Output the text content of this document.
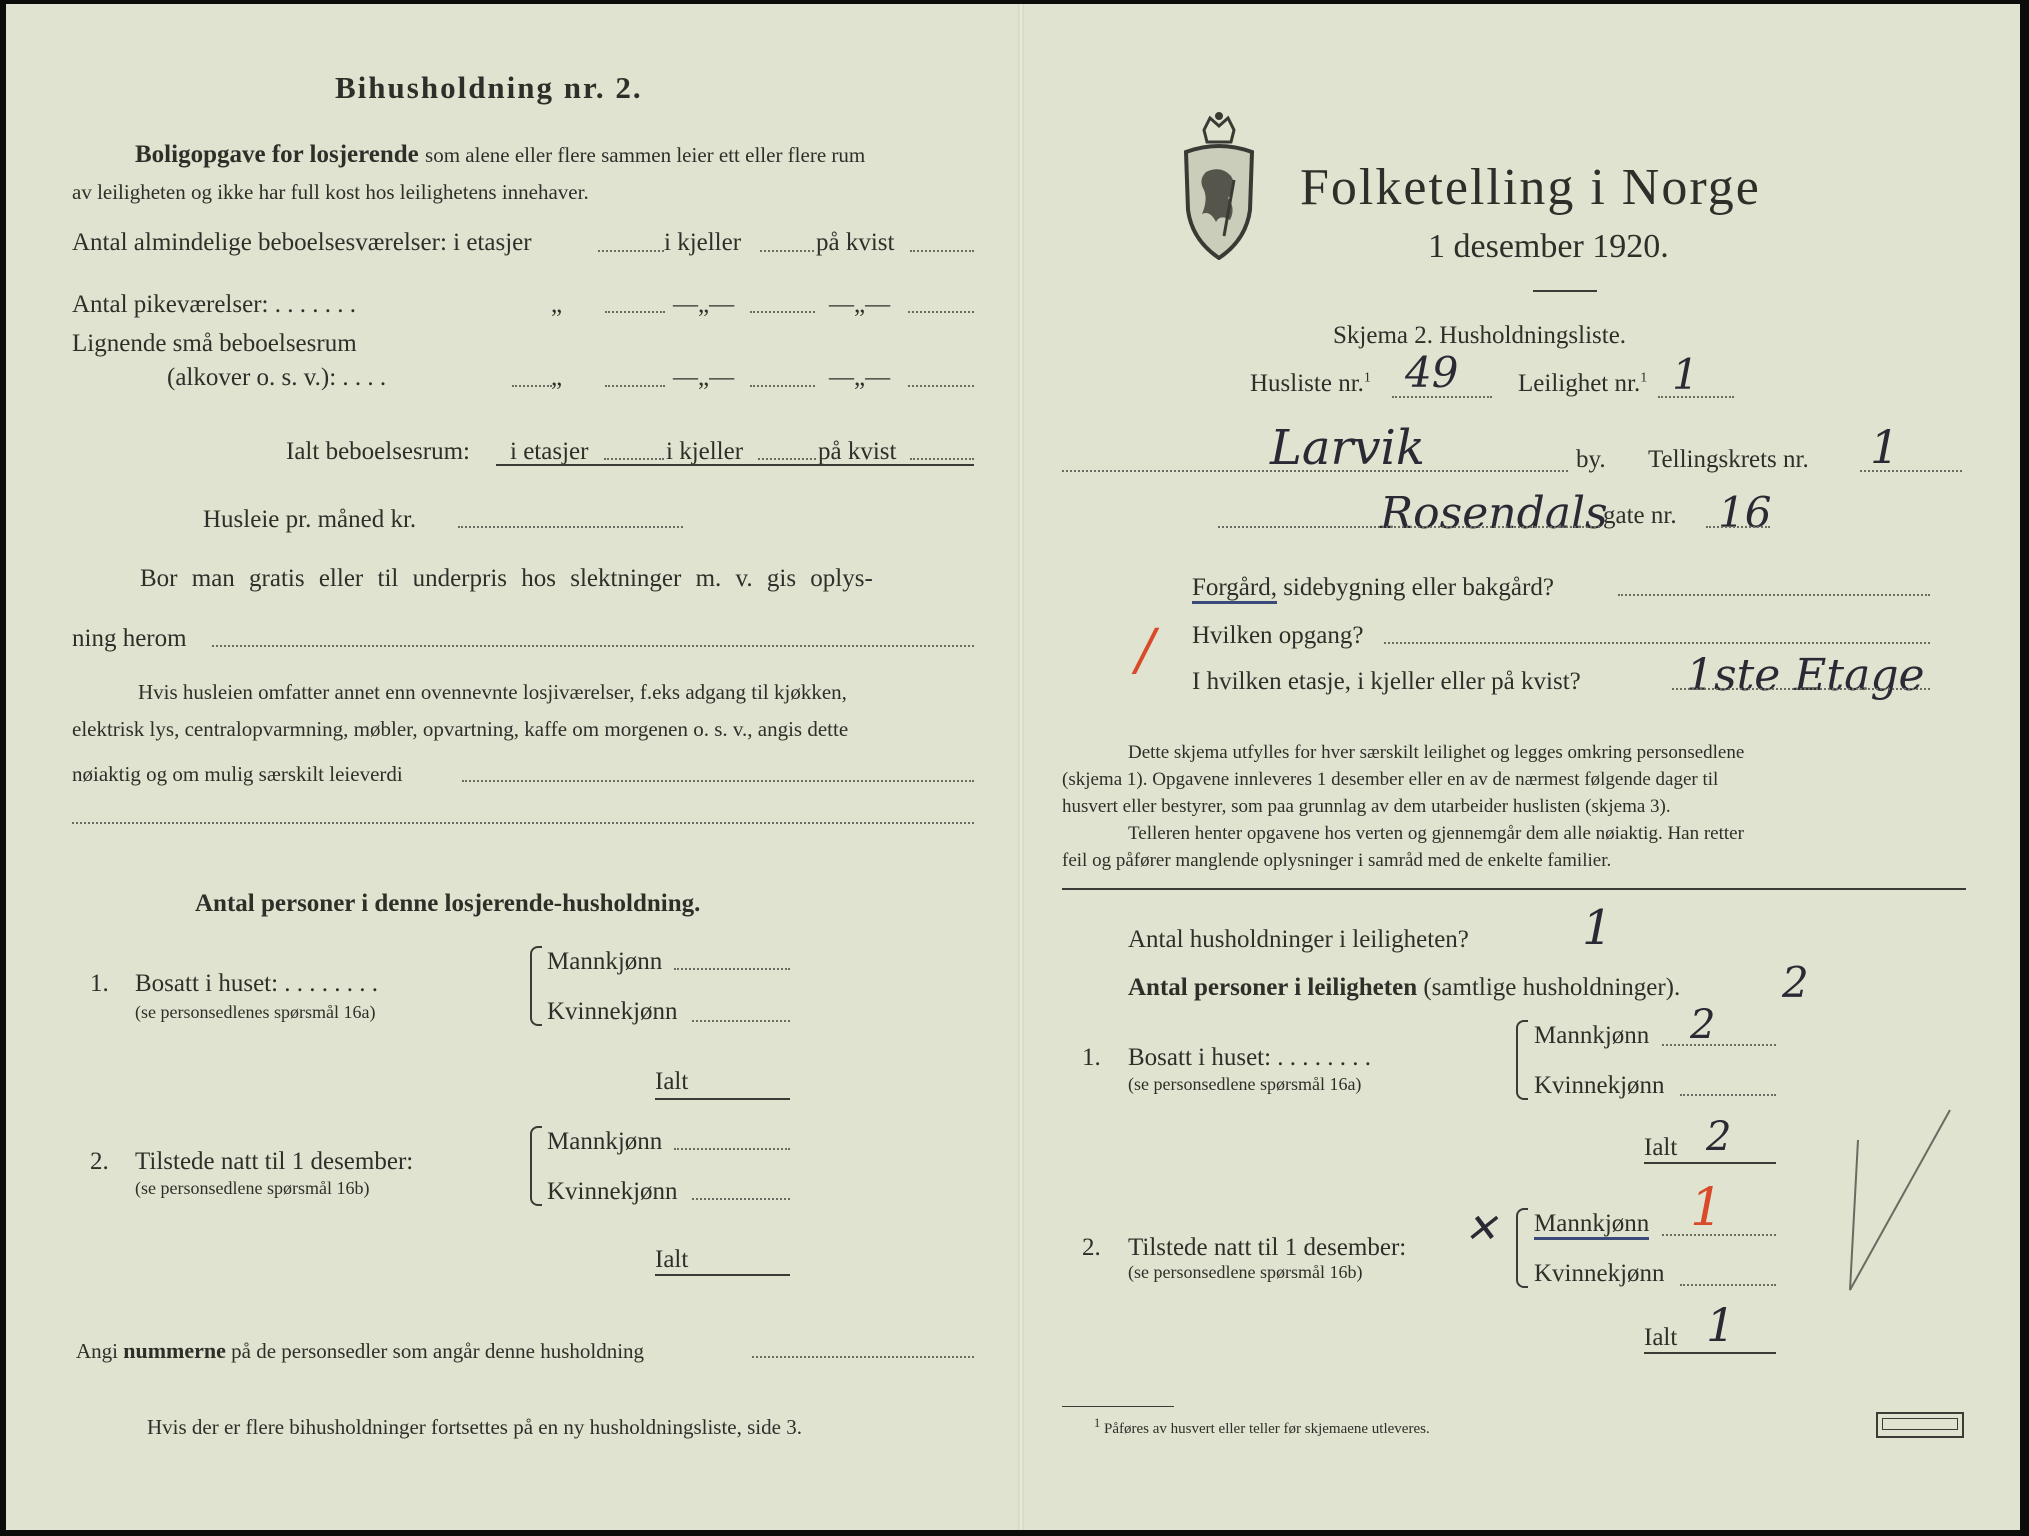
Bihusholdning nr. 2.
Boligopgave for losjerende som alene eller flere sammen leier ett eller flere rum
av leiligheten og ikke har full kost hos leilighetens innehaver.
Antal almindelige beboelsesværelser: i etasjer	i kjeller	på kvist
Antal pikeværelser: . . . . . . .	„	—„—	—„—
Lignende små beboelsesrum
(alkover o. s. v.): . . . .	„	—„—	—„—
Ialt beboelsesrum: i etasjer	i kjeller	på kvist
Husleie pr. måned kr.
Bor man gratis eller til underpris hos slektninger m. v. gis oplys-
ning herom
Hvis husleien omfatter annet enn ovennevnte losjiværelser, f.eks adgang til kjøkken,
elektrisk lys, centralopvarmning, møbler, opvartning, kaffe om morgenen o. s. v., angis dette
nøiaktig og om mulig særskilt leieverdi
Antal personer i denne losjerende-husholdning.
1. Bosatt i huset: . . . . . . . .
(se personsedlenes spørsmål 16a)
Mannkjønn
Kvinnekjønn
Ialt
2. Tilstede natt til 1 desember:
(se personsedlene spørsmål 16b)
Mannkjønn
Kvinnekjønn
Ialt
Angi nummerne på de personsedler som angår denne husholdning
Hvis der er flere bihusholdninger fortsettes på en ny husholdningsliste, side 3.
Folketelling i Norge
1 desember 1920.
Skjema 2. Husholdningsliste.
Husliste nr.$^1$ 49 Leilighet nr.$^1$ 1
Larvik	by. Tellingskrets nr. 1
Rosendals
gate nr. 16
Forgård, sidebygning eller bakgård?
/ Hvilken opgang?
I hvilken etasje, i kjeller eller på kvist? 1ste Etage
Dette skjema utfylles for hver særskilt leilighet og legges omkring personsedlene
(skjema 1). Opgavene innleveres 1 desember eller en av de nærmest følgende dager til
husvert eller bestyrer, som paa grunnlag av dem utarbeider huslisten (skjema 3).
Telleren henter opgavene hos verten og gjennemgår dem alle nøiaktig. Han retter
feil og påfører manglende oplysninger i samråd med de enkelte familier.
Antal husholdninger i leiligheten? 1
Antal personer i leiligheten (samtlige husholdninger). 2
1. Bosatt i huset: . . . . . . . .
(se personsedlene spørsmål 16a)
Mannkjønn 2
Kvinnekjønn
Ialt 2
2. Tilstede natt til 1 desember: ✕
(se personsedlene spørsmål 16b)
Mannkjønn 1
Kvinnekjønn
Ialt 1
$^1$ Påføres av husvert eller teller før skjemaene utleveres.
